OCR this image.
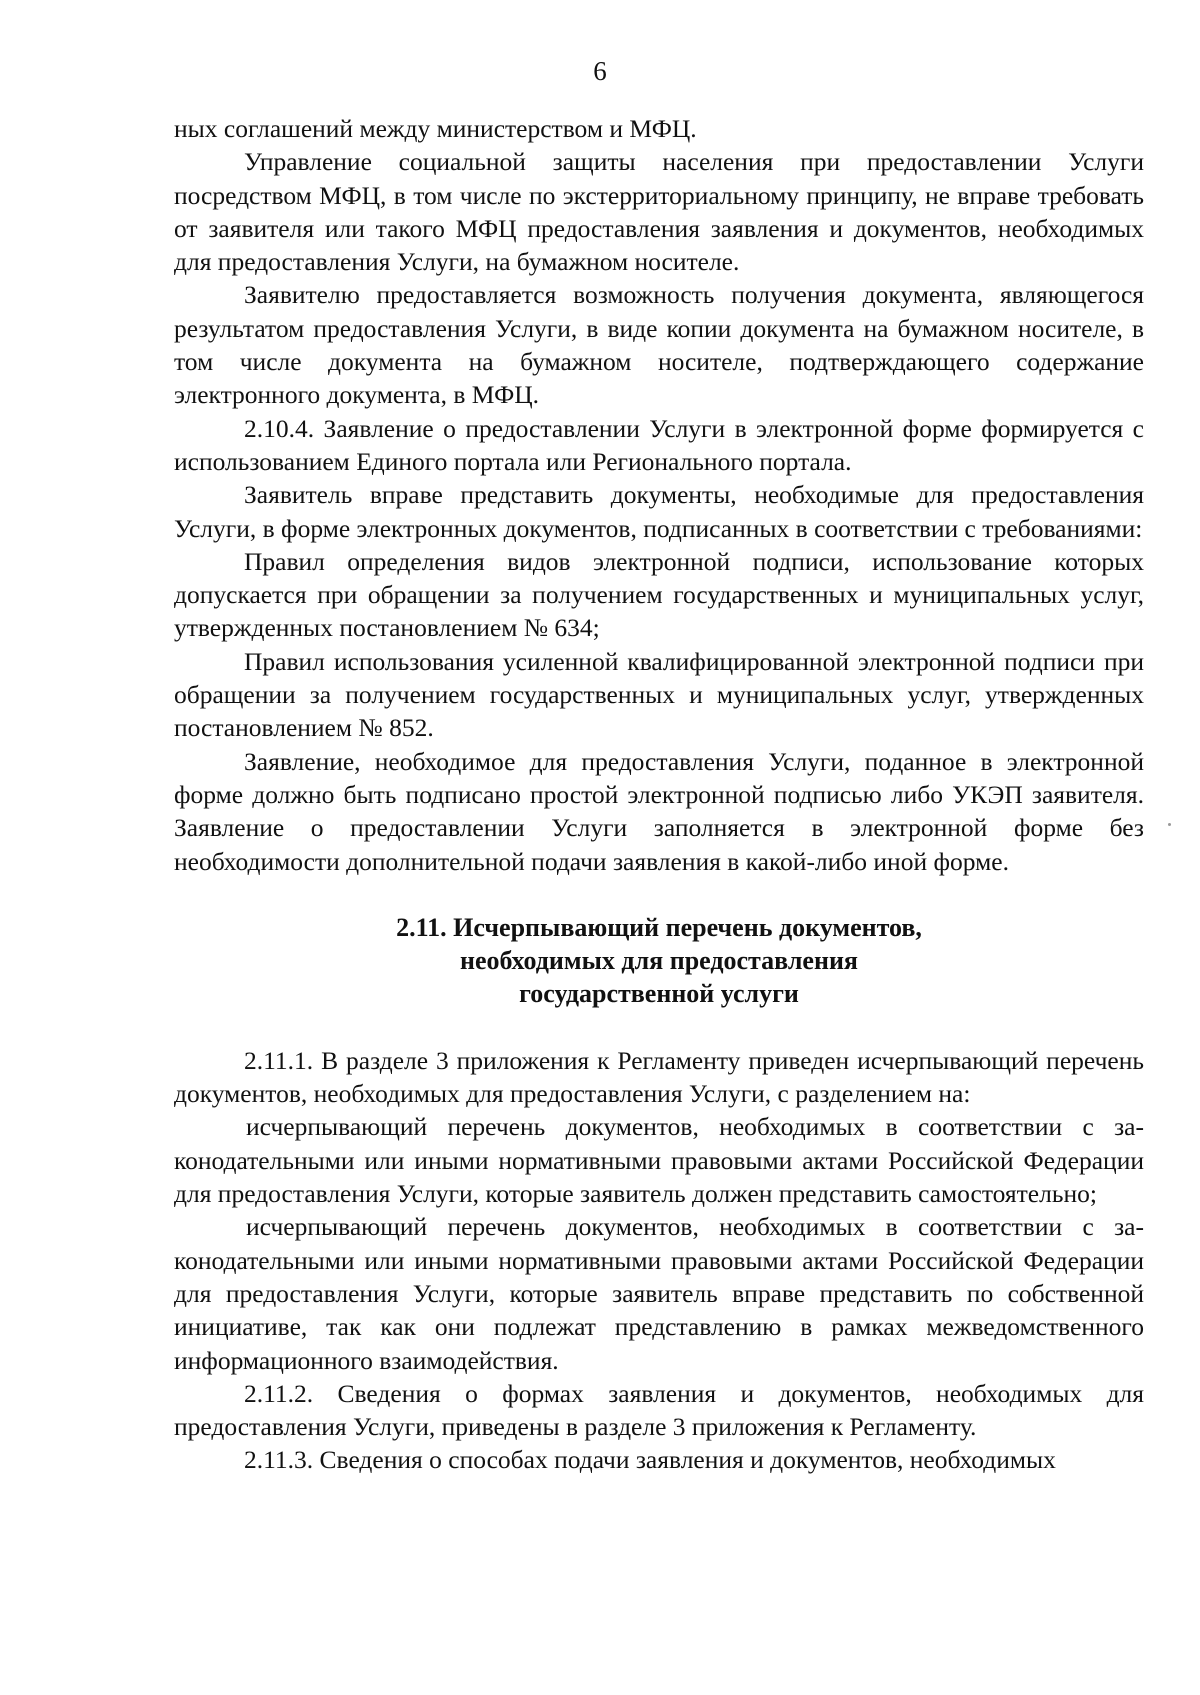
6

ных соглашений между министерством и МФЦ.

Управление социальной защиты населения при предоставлении Услуги посредством МФЦ, в том числе по экстерриториальному принципу, не вправе требовать от заявителя или такого МФЦ предоставления заявления и документов, необходимых для предоставления Услуги, на бумажном носителе.

Заявителю предоставляется возможность получения документа, являющегося результатом предоставления Услуги, в виде копии документа на бумажном носителе, в том числе документа на бумажном носителе, подтверждающего содержание электронного документа, в МФЦ.

2.10.4. Заявление о предоставлении Услуги в электронной форме формируется с использованием Единого портала или Регионального портала.

Заявитель вправе представить документы, необходимые для предоставления Услуги, в форме электронных документов, подписанных в соответствии с требованиями:

Правил определения видов электронной подписи, использование которых допускается при обращении за получением государственных и муниципальных услуг, утвержденных постановлением № 634;

Правил использования усиленной квалифицированной электронной подписи при обращении за получением государственных и муниципальных услуг, утвержденных постановлением № 852.

Заявление, необходимое для предоставления Услуги, поданное в электронной форме должно быть подписано простой электронной подписью либо УКЭП заявителя. Заявление о предоставлении Услуги заполняется в электронной форме без необходимости дополнительной подачи заявления в какой-либо иной форме.

2.11. Исчерпывающий перечень документов,
необходимых для предоставления
государственной услуги

2.11.1. В разделе 3 приложения к Регламенту приведен исчерпывающий перечень документов, необходимых для предоставления Услуги, с разделением на:

исчерпывающий перечень документов, необходимых в соответствии с законодательными или иными нормативными правовыми актами Российской Федерации для предоставления Услуги, которые заявитель должен представить самостоятельно;

исчерпывающий перечень документов, необходимых в соответствии с законодательными или иными нормативными правовыми актами Российской Федерации для предоставления Услуги, которые заявитель вправе представить по собственной инициативе, так как они подлежат представлению в рамках межведомственного информационного взаимодействия.

2.11.2. Сведения о формах заявления и документов, необходимых для предоставления Услуги, приведены в разделе 3 приложения к Регламенту.

2.11.3. Сведения о способах подачи заявления и документов, необходимых
